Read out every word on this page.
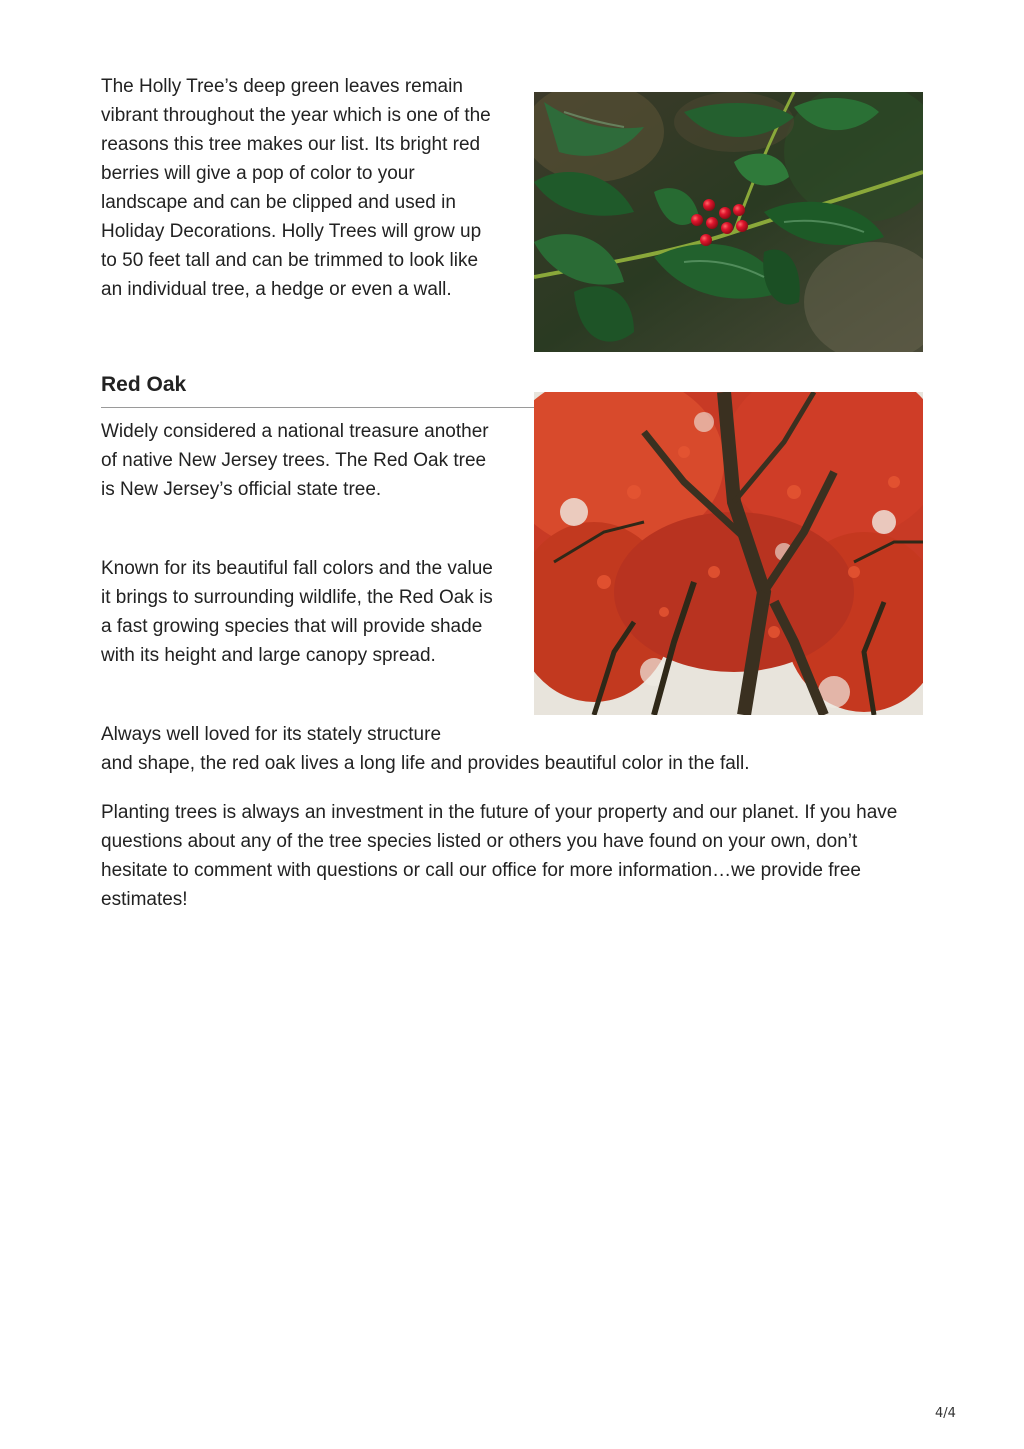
The Holly Tree’s deep green leaves remain vibrant throughout the year which is one of the reasons this tree makes our list. Its bright red berries will give a pop of color to your landscape and can be clipped and used in Holiday Decorations. Holly Trees will grow up to 50 feet tall and can be trimmed to look like an individual tree, a hedge or even a wall.

Red Oak

Widely considered a national treasure another of native New Jersey trees. The Red Oak tree is New Jersey’s official state tree.

Known for its beautiful fall colors and the value it brings to surrounding wildlife, the Red Oak is a fast growing species that will provide shade with its height and large canopy spread.

Always well loved for its stately structure

and shape, the red oak lives a long life and provides beautiful color in the fall.

Planting trees is always an investment in the future of your property and our planet. If you have questions about any of the tree species listed or others you have found on your own, don’t hesitate to comment with questions or call our office for more information…we provide free estimates!

4/4
